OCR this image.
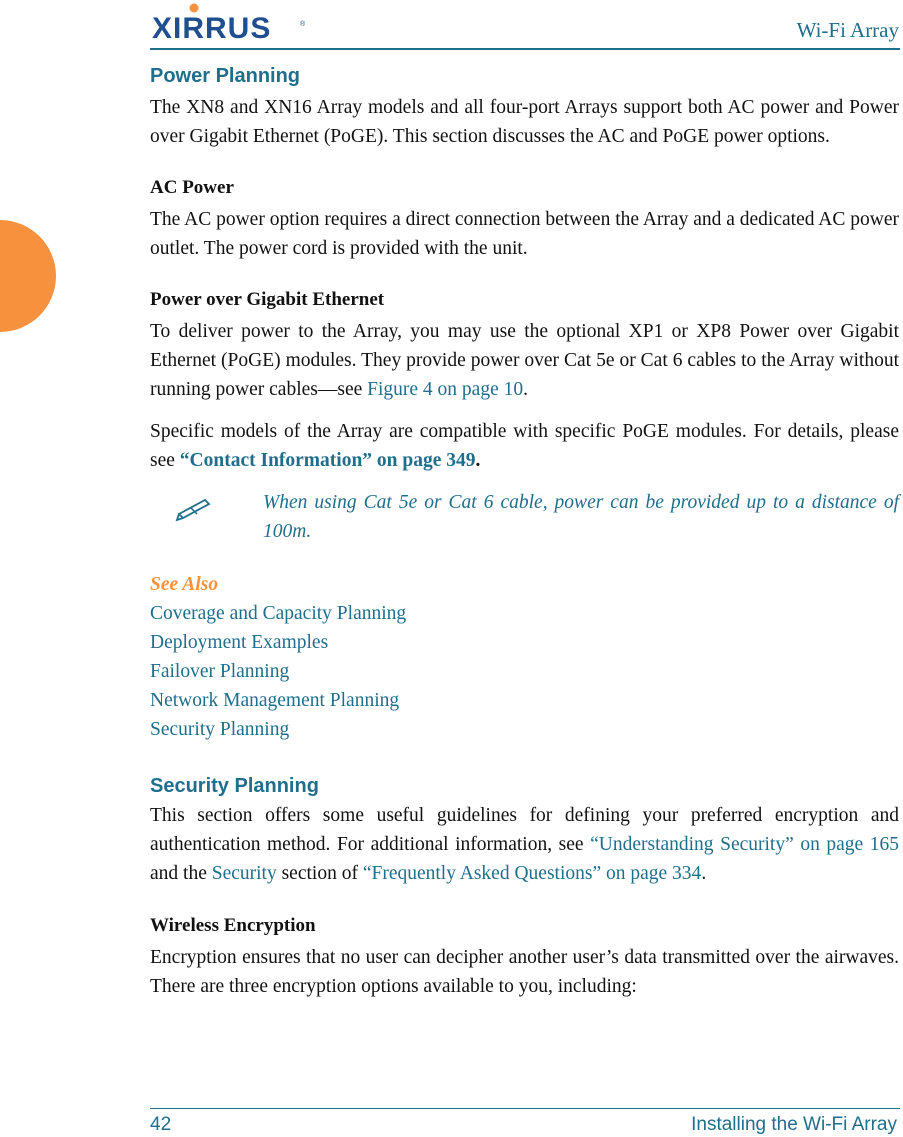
XIRRUS	®	Wi-Fi Array
Power Planning

The XN8 and XN16 Array models and all four-port Arrays support both AC power and Power over Gigabit Ethernet (PoGE). This section discusses the AC and PoGE power options.

AC Power

The AC power option requires a direct connection between the Array and a dedicated AC power outlet. The power cord is provided with the unit.

Power over Gigabit Ethernet

To deliver power to the Array, you may use the optional XP1 or XP8 Power over Gigabit Ethernet (PoGE) modules. They provide power over Cat 5e or Cat 6 cables to the Array without running power cables—see Figure 4 on page 10.

Specific models of the Array are compatible with specific PoGE modules. For details, please see “Contact Information” on page 349.

When using Cat 5e or Cat 6 cable, power can be provided up to a distance of 100m.

See Also

Coverage and Capacity Planning
Deployment Examples
Failover Planning
Network Management Planning
Security Planning
Security Planning

This section offers some useful guidelines for defining your preferred encryption and authentication method. For additional information, see “Understanding Security” on page 165 and the Security section of “Frequently Asked Questions” on page 334.

Wireless Encryption

Encryption ensures that no user can decipher another user’s data transmitted over the airwaves. There are three encryption options available to you, including:

42	Installing the Wi-Fi Array
